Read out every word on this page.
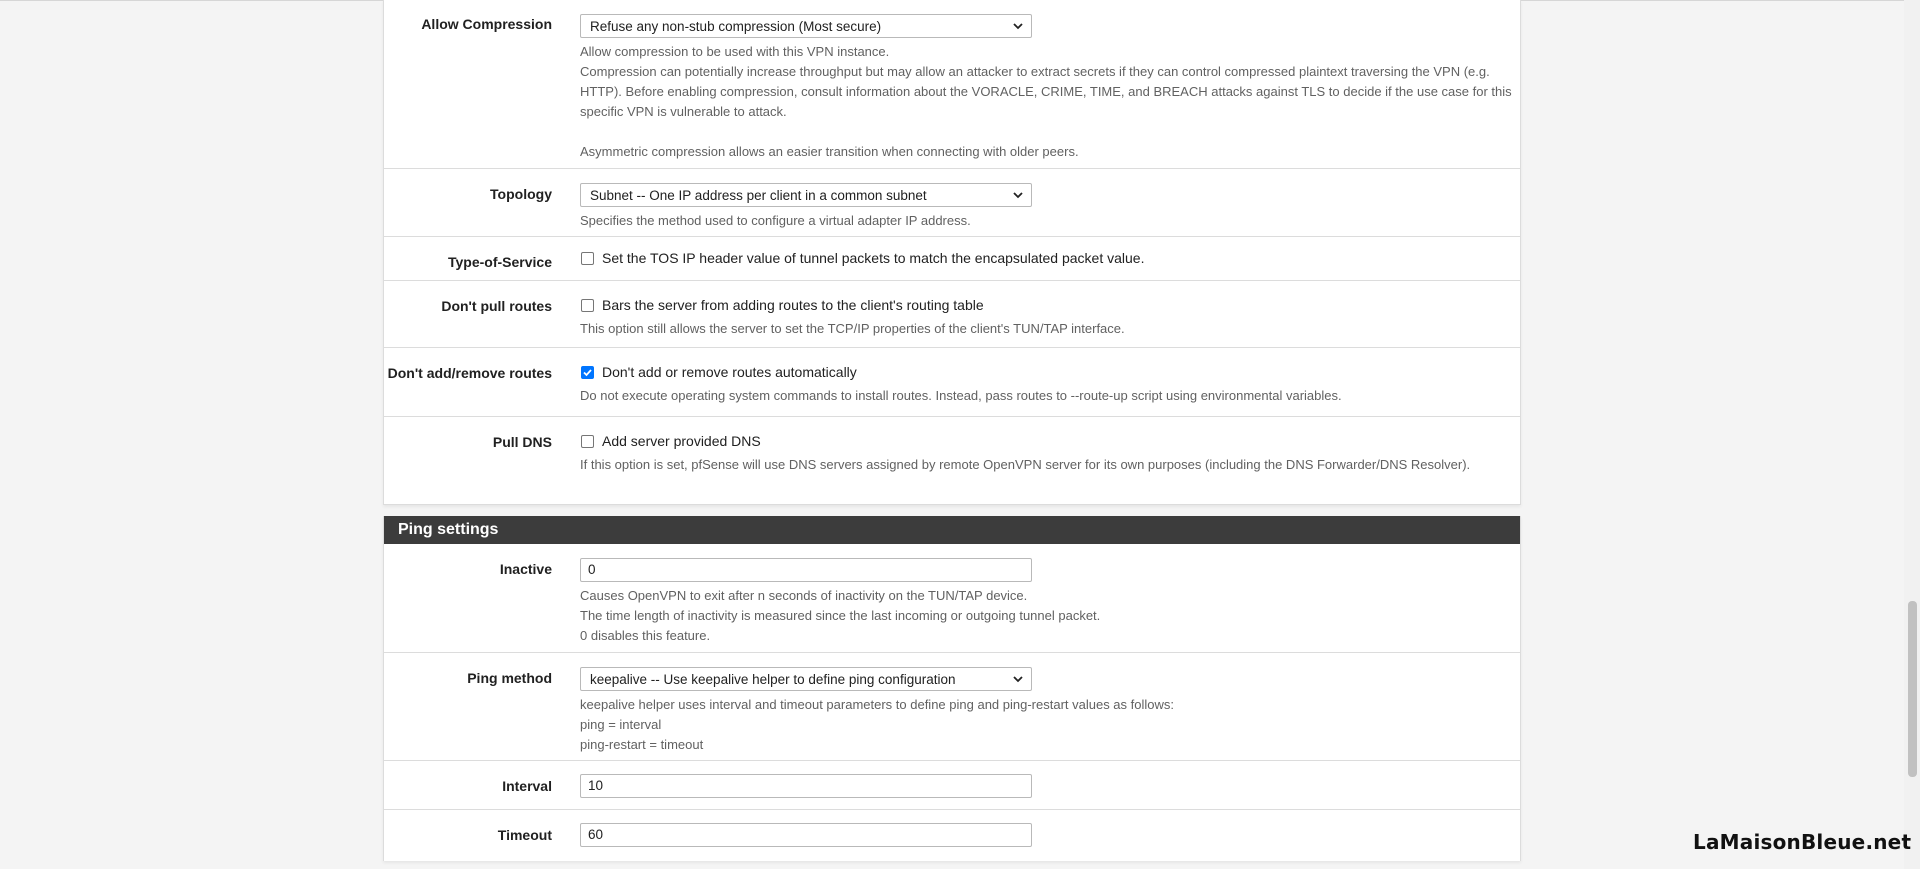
Allow Compression	Refuse any non-stub compression (Most secure)
Allow compression to be used with this VPN instance.
Compression can potentially increase throughput but may allow an attacker to extract secrets if they can control compressed plaintext traversing the VPN (e.g. HTTP). Before enabling compression, consult information about the VORACLE, CRIME, TIME, and BREACH attacks against TLS to decide if the use case for this specific VPN is vulnerable to attack.
Asymmetric compression allows an easier transition when connecting with older peers.
Topology	Subnet -- One IP address per client in a common subnet
Specifies the method used to configure a virtual adapter IP address.
Type-of-Service	Set the TOS IP header value of tunnel packets to match the encapsulated packet value.
Don't pull routes	Bars the server from adding routes to the client's routing table
This option still allows the server to set the TCP/IP properties of the client's TUN/TAP interface.
Don't add/remove routes	Don't add or remove routes automatically
Do not execute operating system commands to install routes. Instead, pass routes to --route-up script using environmental variables.
Pull DNS	Add server provided DNS
If this option is set, pfSense will use DNS servers assigned by remote OpenVPN server for its own purposes (including the DNS Forwarder/DNS Resolver).
Ping settings
Inactive	0
Causes OpenVPN to exit after n seconds of inactivity on the TUN/TAP device.
The time length of inactivity is measured since the last incoming or outgoing tunnel packet.
0 disables this feature.
Ping method	keepalive -- Use keepalive helper to define ping configuration
keepalive helper uses interval and timeout parameters to define ping and ping-restart values as follows:
ping = interval
ping-restart = timeout
Interval	10
Timeout	60	LaMaisonBleue.net
